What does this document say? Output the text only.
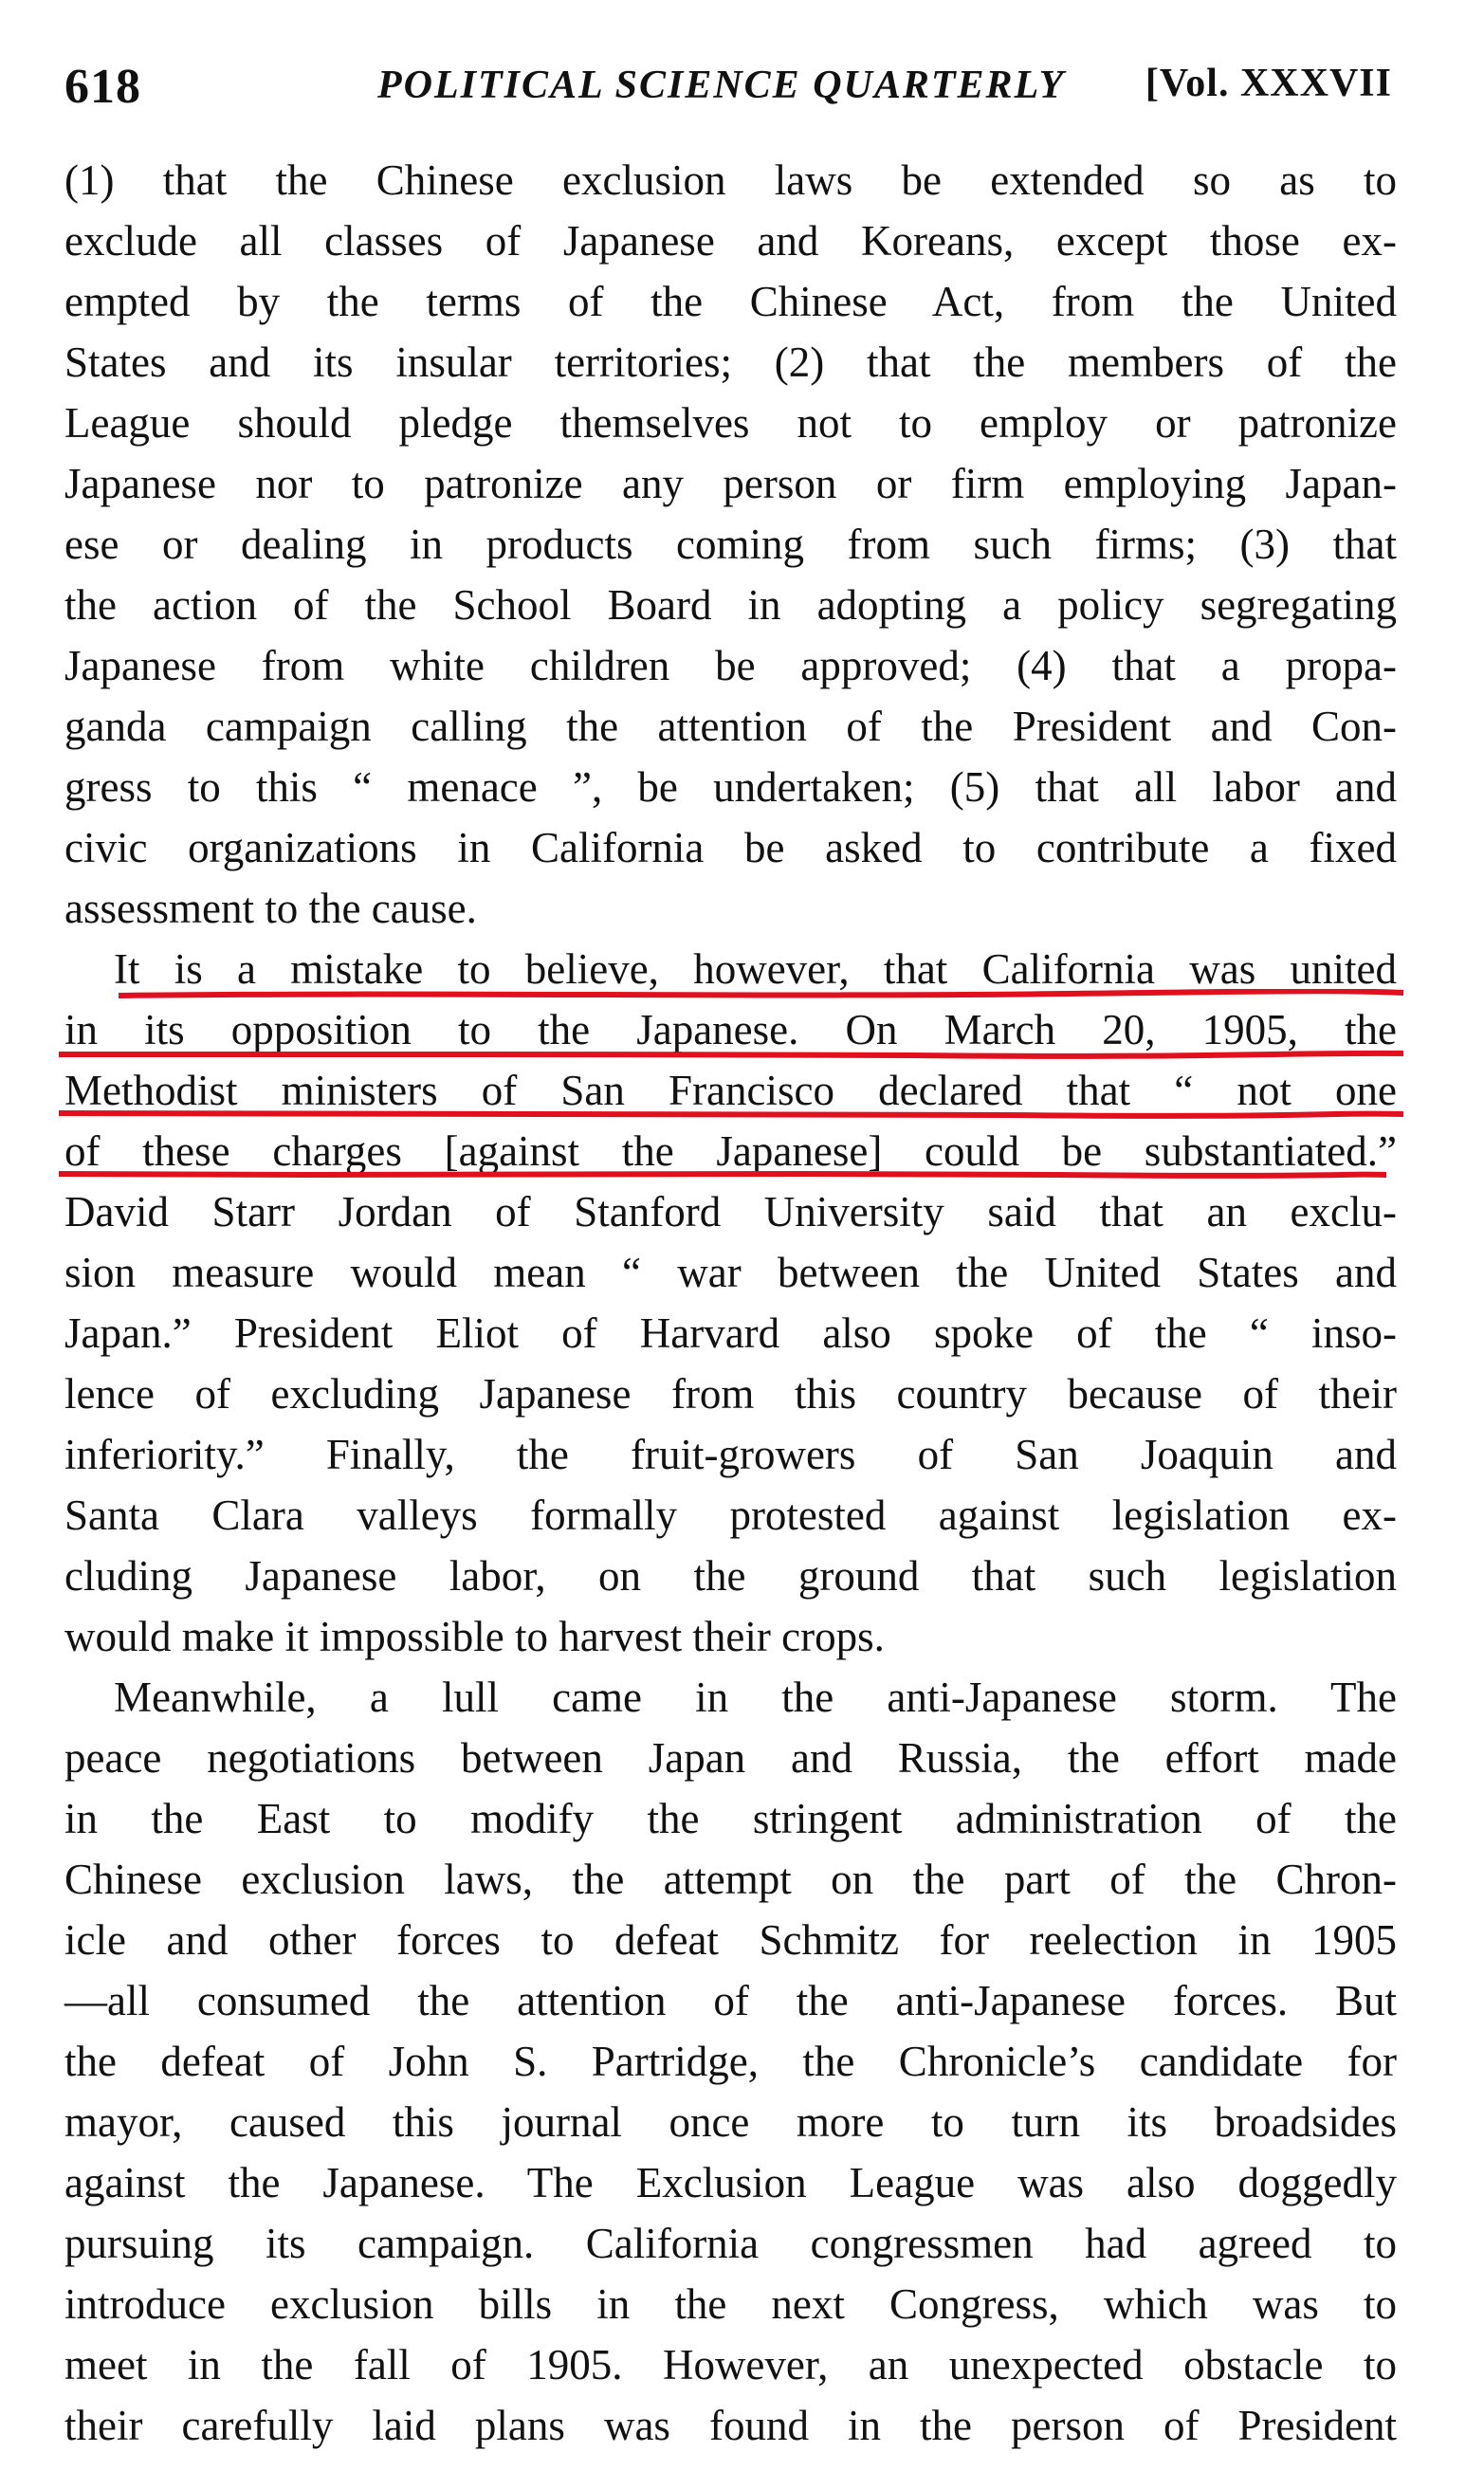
618	POLITICAL SCIENCE QUARTERLY [Vol. XXXVII
(1) that the Chinese exclusion laws be extended so as to
exclude all classes of Japanese and Koreans, except those ex-
empted by the terms of the Chinese Act, from the United
States and its insular territories; (2) that the members of the
League should pledge themselves not to employ or patronize
Japanese nor to patronize any person or firm employing Japan-
ese or dealing in products coming from such firms; (3) that
the action of the School Board in adopting a policy segregating
Japanese from white children be approved; (4) that a propa-
ganda campaign calling the attention of the President and Con-
gress to this “ menace ”, be undertaken; (5) that all labor and
civic organizations in California be asked to contribute a fixed
assessment to the cause.
It is a mistake to believe, however, that California was united
in its opposition to the Japanese. On March 20, 1905, the
Methodist ministers of San Francisco declared that “ not one
of these charges [against the Japanese] could be substantiated.”
David Starr Jordan of Stanford University said that an exclu-
sion measure would mean “ war between the United States and
Japan.” President Eliot of Harvard also spoke of the “ inso-
lence of excluding Japanese from this country because of their
inferiority.” Finally, the fruit-growers of San Joaquin and
Santa Clara valleys formally protested against legislation ex-
cluding Japanese labor, on the ground that such legislation
would make it impossible to harvest their crops.
Meanwhile, a lull came in the anti-Japanese storm. The
peace negotiations between Japan and Russia, the effort made
in the East to modify the stringent administration of the
Chinese exclusion laws, the attempt on the part of the Chron-
icle and other forces to defeat Schmitz for reelection in 1905
—all consumed the attention of the anti-Japanese forces. But
the defeat of John S. Partridge, the Chronicle’s candidate for
mayor, caused this journal once more to turn its broadsides
against the Japanese. The Exclusion League was also doggedly
pursuing its campaign. California congressmen had agreed to
introduce exclusion bills in the next Congress, which was to
meet in the fall of 1905. However, an unexpected obstacle to
their carefully laid plans was found in the person of President
